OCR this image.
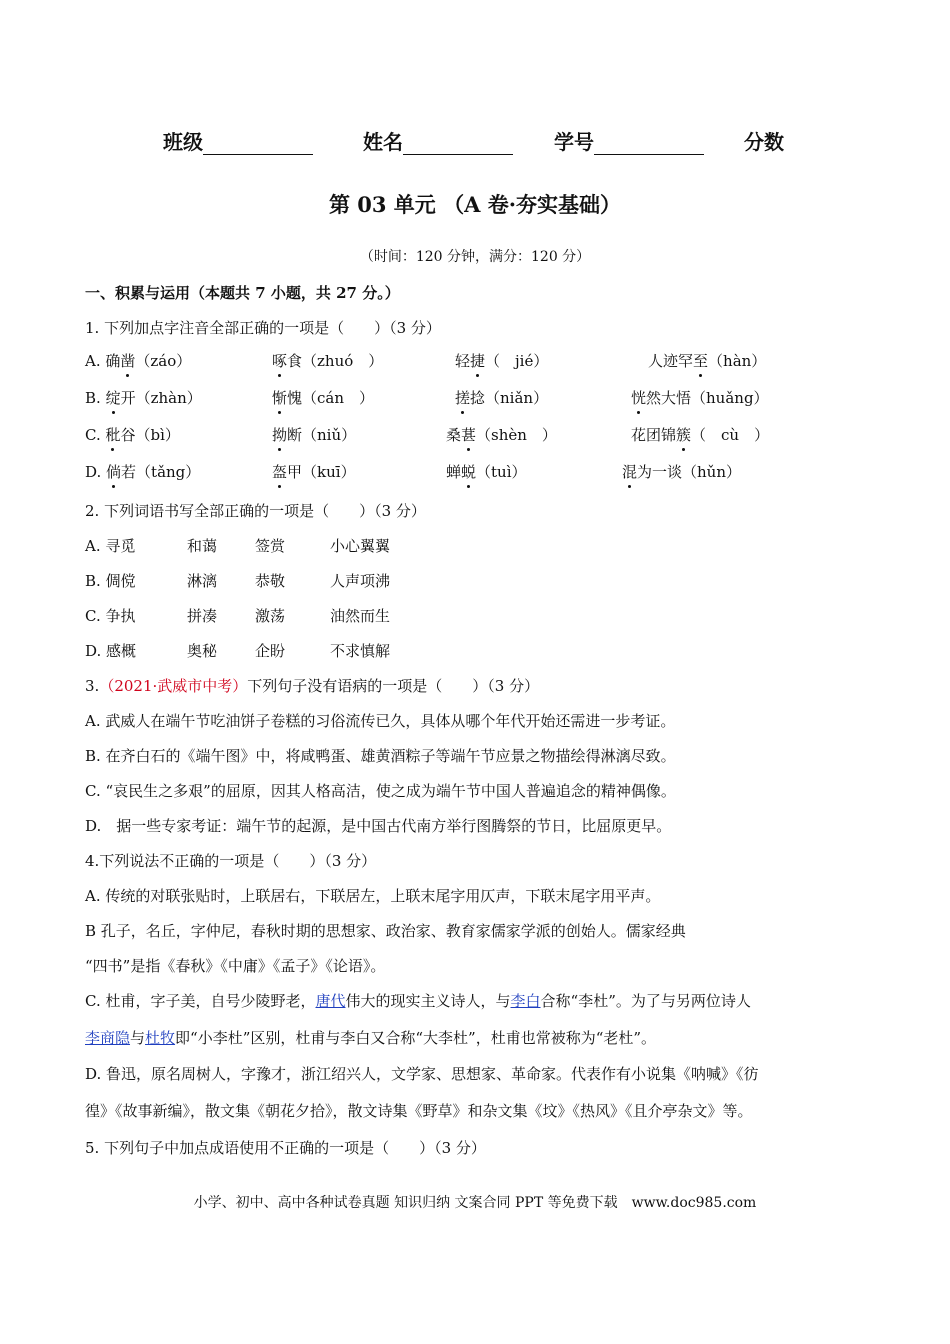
班级	姓名	学号	分数
第 03 单元 （A 卷·夯实基础）
（时间：120 分钟，满分：120 分）
一、积累与运用（本题共 7 小题，共 27 分。）
1. 下列加点字注音全部正确的一项是（　　）（3 分）
A. 确凿（záo）	啄食（zhuó　）	轻捷（　jié）	人迹罕至（hàn）
B. 绽开（zhàn）	惭愧（cán　）	搓捻（niǎn）	恍然大悟（huǎng）
C. 秕谷（bì）	拗断（niǔ）	桑葚（shèn　）	花团锦簇（　cù　）
D. 倘若（tǎng）	盔甲（kuī）	蝉蜕（tuì）	混为一谈（hǔn）
2. 下列词语书写全部正确的一项是（　　）（3 分）
A. 寻觅	和蔼	签赏	小心翼翼
B. 倜傥	淋漓	恭敬	人声项沸
C. 争执	拼凑	激荡	油然而生
D. 感概	奥秘	企盼	不求慎解
3.（2021·武威市中考）下列句子没有语病的一项是（　　）（3 分）
A. 武威人在端午节吃油饼子卷糕的习俗流传已久，具体从哪个年代开始还需进一步考证。
B. 在齐白石的《端午图》中，将咸鸭蛋、雄黄酒粽子等端午节应景之物描绘得淋漓尽致。
C. “哀民生之多艰”的屈原，因其人格高洁，使之成为端午节中国人普遍追念的精神偶像。
D.　据一些专家考证：端午节的起源，是中国古代南方举行图腾祭的节日，比屈原更早。
4.下列说法不正确的一项是（　　）（3 分）
A. 传统的对联张贴时，上联居右，下联居左，上联末尾字用仄声，下联末尾字用平声。
B 孔子，名丘，字仲尼，春秋时期的思想家、政治家、教育家儒家学派的创始人。儒家经典
“四书”是指《春秋》《中庸》《孟子》《论语》。
C. 杜甫，字子美，自号少陵野老，唐代伟大的现实主义诗人，与李白合称“李杜”。为了与另两位诗人
李商隐与杜牧即“小李杜”区别，杜甫与李白又合称“大李杜”，杜甫也常被称为“老杜”。
D. 鲁迅，原名周树人，字豫才，浙江绍兴人，文学家、思想家、革命家。代表作有小说集《呐喊》《彷
徨》《故事新编》，散文集《朝花夕拾》，散文诗集《野草》和杂文集《坟》《热风》《且介亭杂文》等。
5. 下列句子中加点成语使用不正确的一项是（　　）（3 分）
小学、初中、高中各种试卷真题 知识归纳 文案合同 PPT 等免费下载　www.doc985.com
